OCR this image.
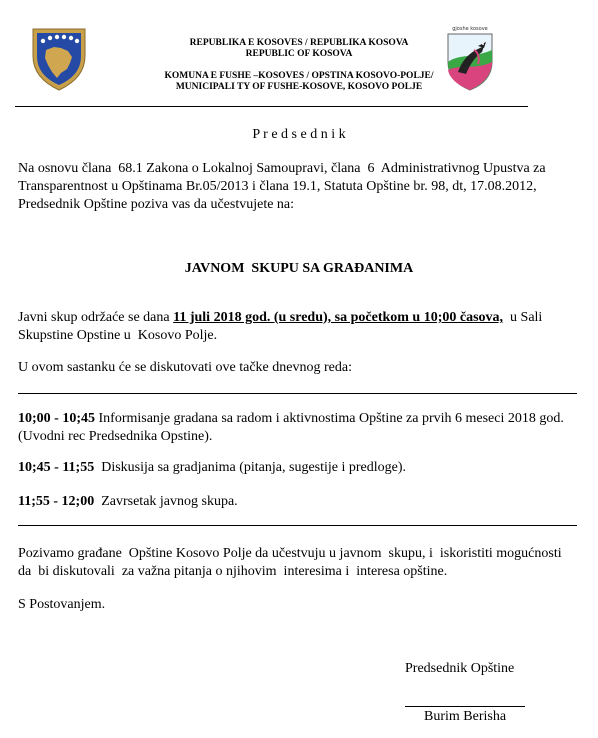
REPUBLIKA E KOSOVES / REPUBLIKA KOSOVA
REPUBLIC OF KOSOVA
KOMUNA E FUSHE –KOSOVES / OPSTINA KOSOVO-POLJE/
MUNICIPALI TY OF FUSHE-KOSOVE, KOSOVO POLJE
gjoshe kosove
P r e d s e d n i k
Na osnovu člana  68.1 Zakona o Lokalnoj Samoupravi, člana  6  Administrativnog Upustva za
Transparentnost u Opštinama Br.05/2013 i člana 19.1, Statuta Opštine br. 98, dt, 17.08.2012,
Predsednik Opštine poziva vas da učestvujete na:
JAVNOM  SKUPU SA GRAĐANIMA
Javni skup održaće se dana 11 juli 2018 god. (u sredu), sa početkom u 10;00 časova,  u Sali
Skupstine Opstine u  Kosovo Polje.
U ovom sastanku će se diskutovati ove tačke dnevnog reda:
10;00 - 10;45 Informisanje gradana sa radom i aktivnostima Opštine za prvih 6 meseci 2018 god.
(Uvodni rec Predsednika Opstine).
10;45 - 11;55  Diskusija sa gradjanima (pitanja, sugestije i predloge).
11;55 - 12;00  Zavrsetak javnog skupa.
Pozivamo građane  Opštine Kosovo Polje da učestvuju u javnom  skupu, i  iskoristiti mogućnosti
da  bi diskutovali  za važna pitanja o njihovim  interesima i  interesa opštine.
S Postovanjem.
Predsednik Opštine
Burim Berisha
